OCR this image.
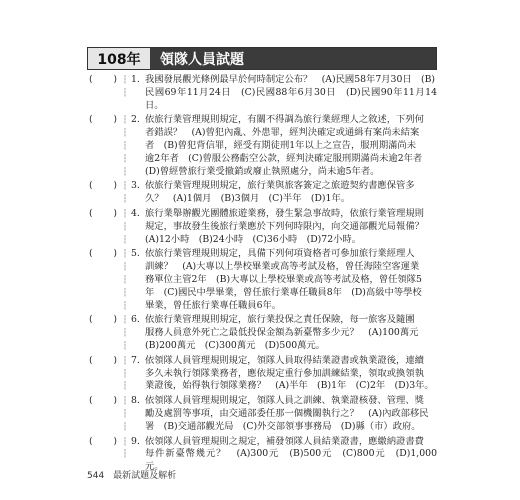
108年	領隊人員試題
( ) ┆
┆
1. 我國發展觀光條例最早於何時制定公布？　(A)民國58年7月30日　(B)
民國69年11月24日　(C)民國88年6月30日　(D)民國90年11月14日。
( ) ┆
┆
┆
┆
┆
2. 依旅行業管理規則規定，有關不得調為旅行業經理人之敘述，下列何
者錯誤？　(A)曾犯內亂、外患罪，經判決確定或通緝有案尚未結案
者　(B)曾犯背信罪，經受有期徒刑1年以上之宣告，服刑期滿尚未
逾2年者　(C)曾服公務虧空公款，經判決確定服刑期滿尚未逾2年者
(D)曾經營旅行業受撤銷或廢止執照處分，尚未逾5年者。
( ) ┆
┆
3. 依旅行業管理規則規定，旅行業與旅客簽定之旅遊契約書應保管多
久？　(A)1個月　(B)3個月　(C)半年　(D)1年。
( ) ┆
┆
┆
4. 旅行業舉辦觀光團體旅遊業務，發生緊急事故時，依旅行業管理規則
規定，事故發生後旅行業應於下列何時限內，向交通部觀光局報備？
(A)12小時　(B)24小時　(C)36小時　(D)72小時。
( ) ┆
┆
┆
┆
┆
5. 依旅行業管理規則規定，具備下列何項資格者可參加旅行業經理人
訓練？　(A)大專以上學校畢業或高等考試及格，曾任海陸空客運業
務單位主管2年　(B)大專以上學校畢業或高等考試及格，曾任領隊5
年　(C)國民中學畢業，曾任旅行業專任職員8年　(D)高級中等學校
畢業，曾任旅行業專任職員6年。
( ) ┆
┆
┆
6. 依旅行業管理規則規定，旅行業投保之責任保險，每一旅客及隨團
服務人員意外死亡之最低投保金額為新臺幣多少元？　(A)100萬元
(B)200萬元　(C)300萬元　(D)500萬元。
( ) ┆
┆
┆
7. 依領隊人員管理規則規定，領隊人員取得結業證書或執業證後，連續
多久未執行領隊業務者，應依規定重行參加訓練結業，領取或換領執
業證後，始得執行領隊業務？　(A)半年　(B)1年　(C)2年　(D)3年。
( ) ┆
┆
┆
8. 依領隊人員管理規則規定，領隊人員之訓練、執業證核發、管理、獎
勵及處罰等事項，由交通部委任那一個機關執行之？　(A)內政部移民
署　(B)交通部觀光局　(C)外交部領事事務局　(D)縣（市）政府。
( ) ┆
┆
9. 依領隊人員管理規則之規定，補發領隊人員結業證書，應繳納證書費
每件新臺幣幾元？　(A)300元　(B)500元　(C)800元　(D)1,000元。
544 最新試題及解析
